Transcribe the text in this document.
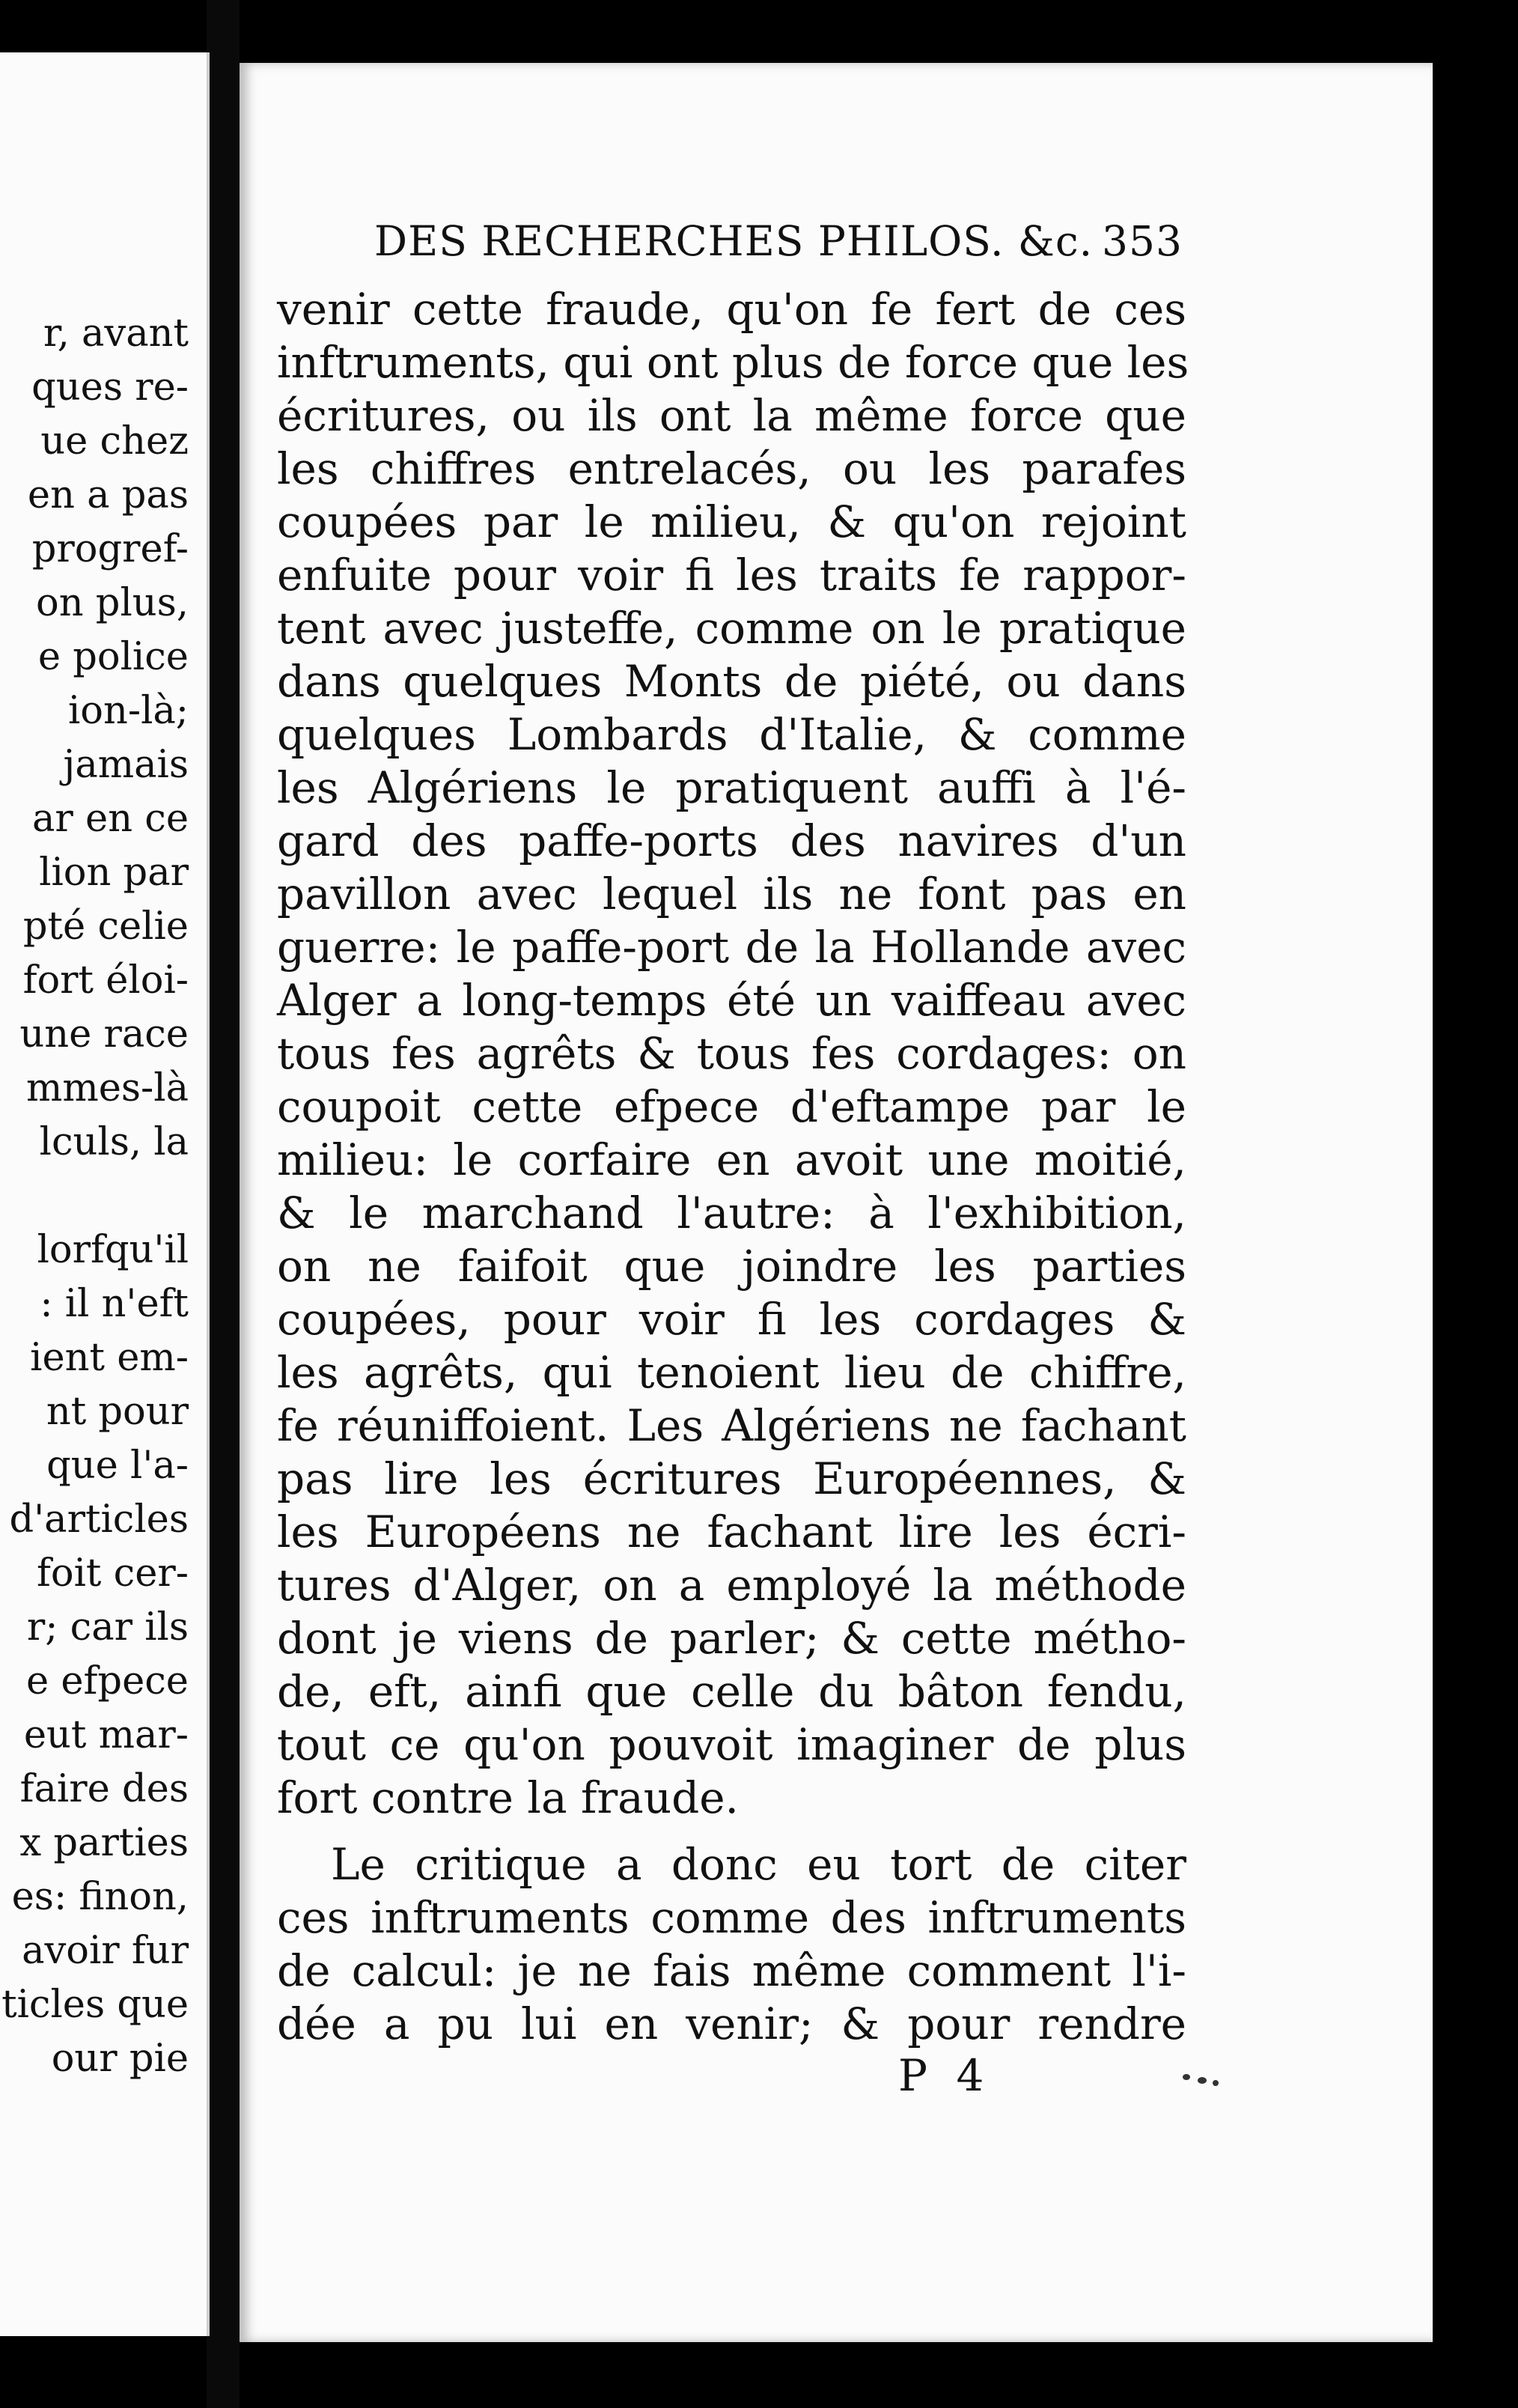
r, avant
ques re-
ue chez
en a pas
progref-
on plus,
e police
ion-là;
jamais
ar en ce
lion par
pté celie
fort éloi-
une race
mmes-là
lculs, la
lorfqu'il
: il n'eft
ient em-
nt pour
que l'a-
d'articles
foit cer-
r; car ils
e efpece
eut mar-
faire des
x parties
es: finon,
avoir fur
ticles que
our pie
DES RECHERCHES PHILOS. &c. 353
venir cette fraude, qu'on fe fert de ces
inftruments, qui ont plus de force que les
écritures, ou ils ont la même force que
les chiffres entrelacés, ou les parafes
coupées par le milieu, & qu'on rejoint
enfuite pour voir fi les traits fe rappor-
tent avec justeffe, comme on le pratique
dans quelques Monts de piété, ou dans
quelques Lombards d'Italie, & comme
les Algériens le pratiquent auffi à l'é-
gard des paffe-ports des navires d'un
pavillon avec lequel ils ne font pas en
guerre: le paffe-port de la Hollande avec
Alger a long-temps été un vaiffeau avec
tous fes agrêts & tous fes cordages: on
coupoit cette efpece d'eftampe par le
milieu: le corfaire en avoit une moitié,
& le marchand l'autre: à l'exhibition,
on ne faifoit que joindre les parties
coupées, pour voir fi les cordages &
les agrêts, qui tenoient lieu de chiffre,
fe réuniffoient. Les Algériens ne fachant
pas lire les écritures Européennes, &
les Européens ne fachant lire les écri-
tures d'Alger, on a employé la méthode
dont je viens de parler; & cette métho-
de, eft, ainfi que celle du bâton fendu,
tout ce qu'on pouvoit imaginer de plus
fort contre la fraude.
Le critique a donc eu tort de citer
ces inftruments comme des inftruments
de calcul: je ne fais même comment l'i-
dée a pu lui en venir; & pour rendre
P 4
